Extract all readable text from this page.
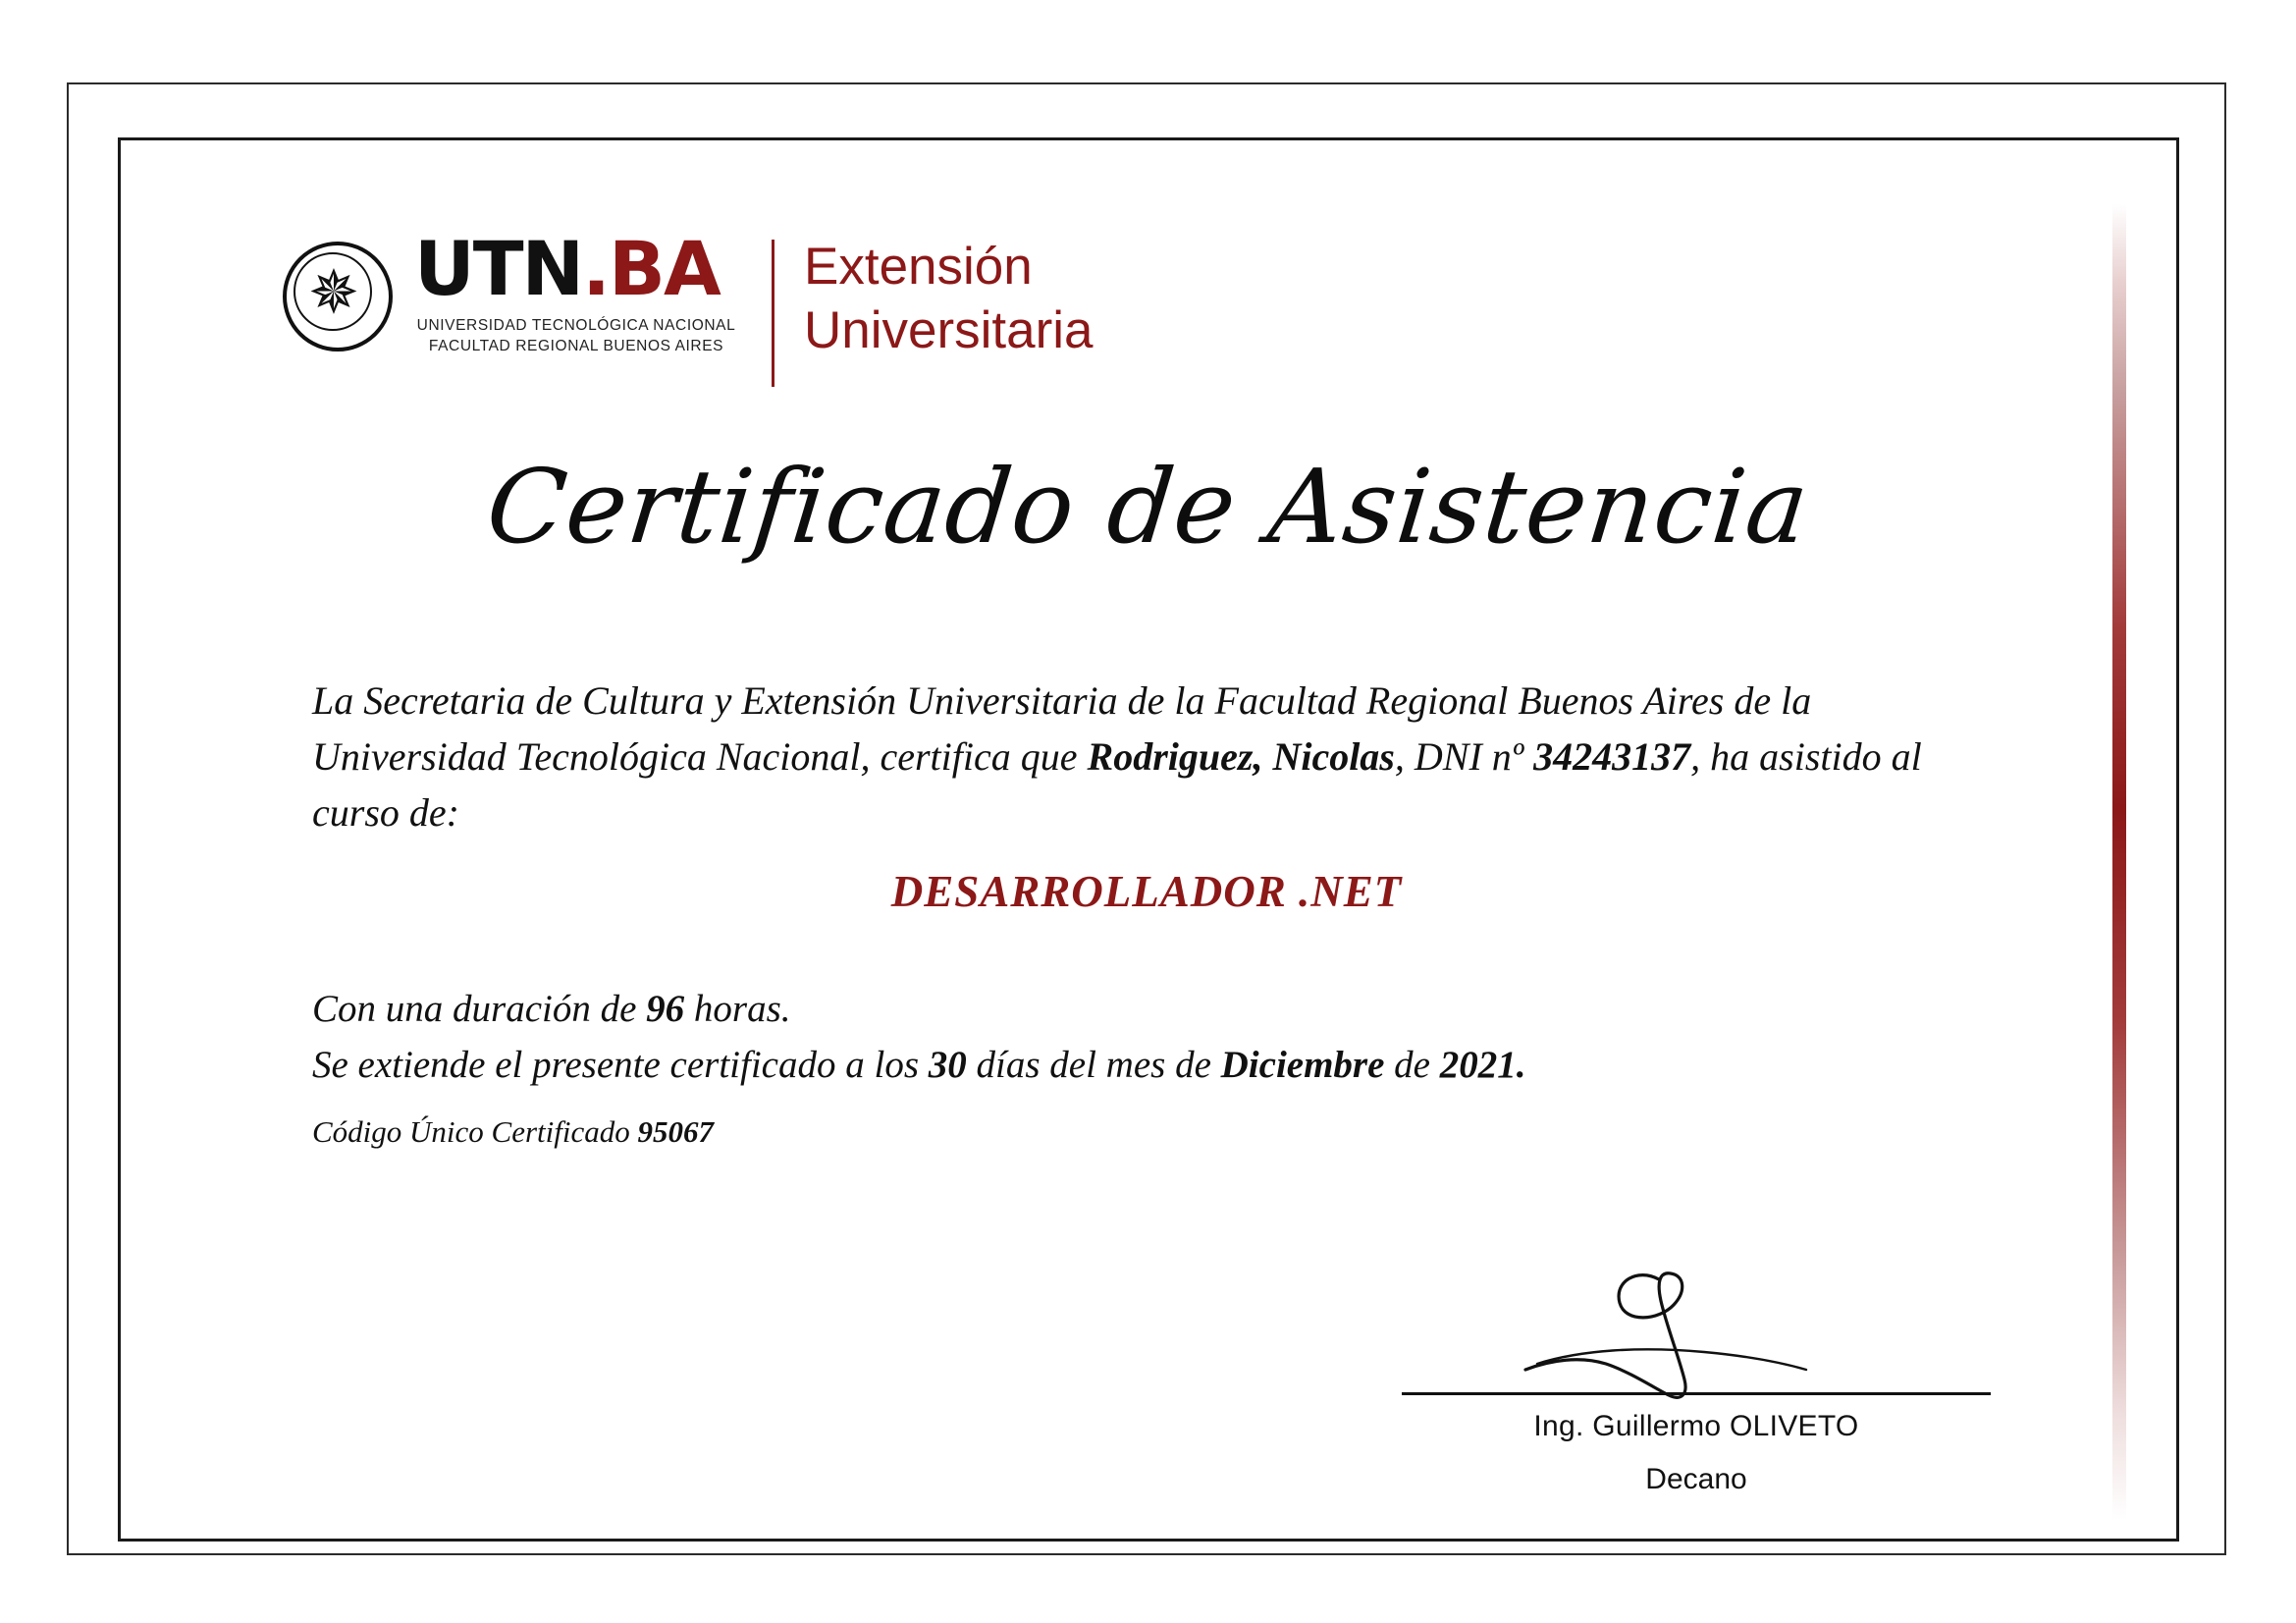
✵ UTN.BA
UNIVERSIDAD TECNOLÓGICA NACIONAL
FACULTAD REGIONAL BUENOS AIRES
Extensión
Universitaria
Certificado de Asistencia
La Secretaria de Cultura y Extensión Universitaria de la Facultad Regional Buenos Aires de la Universidad Tecnológica Nacional, certifica que Rodriguez, Nicolas, DNI nº 34243137, ha asistido al curso de:
DESARROLLADOR .NET
Con una duración de 96 horas.
Se extiende el presente certificado a los 30 días del mes de Diciembre de 2021.
Código Único Certificado 95067
Ing. Guillermo OLIVETO
Decano
